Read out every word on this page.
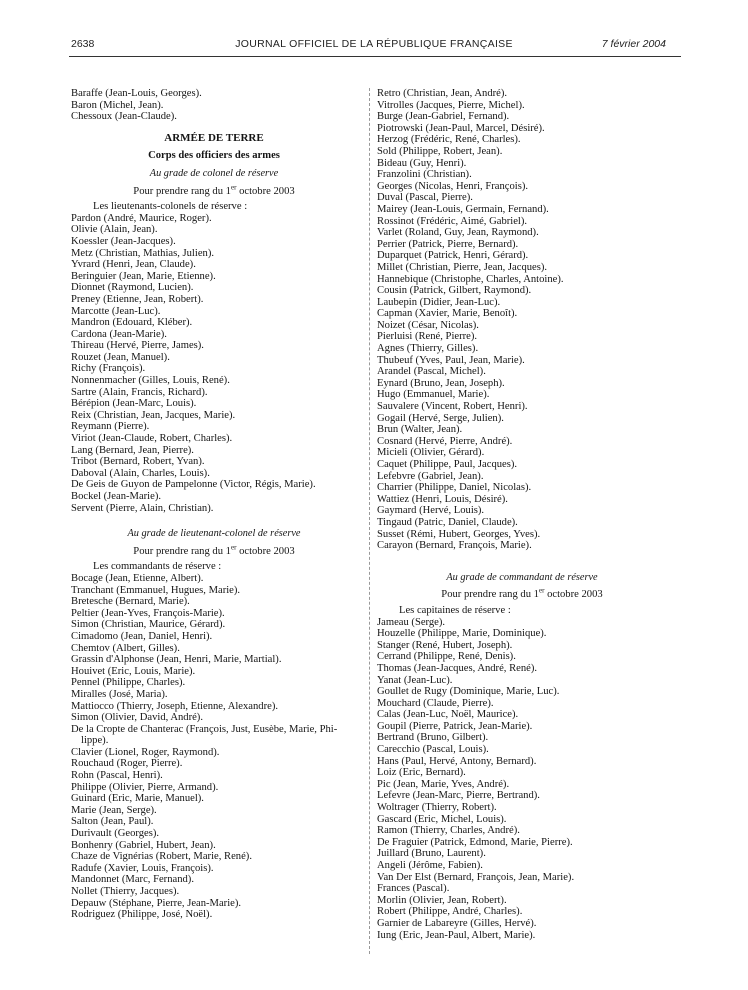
2638	JOURNAL OFFICIEL DE LA RÉPUBLIQUE FRANÇAISE	7 février 2004
Baraffe (Jean-Louis, Georges).
Baron (Michel, Jean).
Chessoux (Jean-Claude).
ARMÉE DE TERRE
Corps des officiers des armes
Au grade de colonel de réserve
Pour prendre rang du 1er octobre 2003
Les lieutenants-colonels de réserve :
Pardon (André, Maurice, Roger).
Olivie (Alain, Jean).
Koessler (Jean-Jacques).
Metz (Christian, Mathias, Julien).
Yvrard (Henri, Jean, Claude).
Beringuier (Jean, Marie, Etienne).
Dionnet (Raymond, Lucien).
Preney (Etienne, Jean, Robert).
Marcotte (Jean-Luc).
Mandron (Edouard, Kléber).
Cardona (Jean-Marie).
Thireau (Hervé, Pierre, James).
Rouzet (Jean, Manuel).
Richy (François).
Nonnenmacher (Gilles, Louis, René).
Sartre (Alain, Francis, Richard).
Bérépion (Jean-Marc, Louis).
Reix (Christian, Jean, Jacques, Marie).
Reymann (Pierre).
Viriot (Jean-Claude, Robert, Charles).
Lang (Bernard, Jean, Pierre).
Tribot (Bernard, Robert, Yvan).
Daboval (Alain, Charles, Louis).
De Geis de Guyon de Pampelonne (Victor, Régis, Marie).
Bockel (Jean-Marie).
Servent (Pierre, Alain, Christian).
Au grade de lieutenant-colonel de réserve
Pour prendre rang du 1er octobre 2003
Les commandants de réserve :
Bocage (Jean, Etienne, Albert).
Tranchant (Emmanuel, Hugues, Marie).
Bretesche (Bernard, Marie).
Peltier (Jean-Yves, François-Marie).
Simon (Christian, Maurice, Gérard).
Cimadomo (Jean, Daniel, Henri).
Chemtov (Albert, Gilles).
Grassin d'Alphonse (Jean, Henri, Marie, Martial).
Houivet (Eric, Louis, Marie).
Pennel (Philippe, Charles).
Miralles (José, Maria).
Mattiocco (Thierry, Joseph, Etienne, Alexandre).
Simon (Olivier, David, André).
De la Cropte de Chanterac (François, Just, Eusèbe, Marie, Phi-
lippe).
Clavier (Lionel, Roger, Raymond).
Rouchaud (Roger, Pierre).
Rohn (Pascal, Henri).
Philippe (Olivier, Pierre, Armand).
Guinard (Eric, Marie, Manuel).
Marie (Jean, Serge).
Salton (Jean, Paul).
Durivault (Georges).
Bonhenry (Gabriel, Hubert, Jean).
Chaze de Vignérias (Robert, Marie, René).
Radufe (Xavier, Louis, François).
Mandonnet (Marc, Fernand).
Nollet (Thierry, Jacques).
Depauw (Stéphane, Pierre, Jean-Marie).
Rodriguez (Philippe, José, Noël).
Retro (Christian, Jean, André).
Vitrolles (Jacques, Pierre, Michel).
Burge (Jean-Gabriel, Fernand).
Piotrowski (Jean-Paul, Marcel, Désiré).
Herzog (Frédéric, René, Charles).
Sold (Philippe, Robert, Jean).
Bideau (Guy, Henri).
Franzolini (Christian).
Georges (Nicolas, Henri, François).
Duval (Pascal, Pierre).
Mairey (Jean-Louis, Germain, Fernand).
Rossinot (Frédéric, Aimé, Gabriel).
Varlet (Roland, Guy, Jean, Raymond).
Perrier (Patrick, Pierre, Bernard).
Duparquet (Patrick, Henri, Gérard).
Millet (Christian, Pierre, Jean, Jacques).
Hannebique (Christophe, Charles, Antoine).
Cousin (Patrick, Gilbert, Raymond).
Laubepin (Didier, Jean-Luc).
Capman (Xavier, Marie, Benoît).
Noizet (César, Nicolas).
Pierluisi (René, Pierre).
Agnes (Thierry, Gilles).
Thubeuf (Yves, Paul, Jean, Marie).
Arandel (Pascal, Michel).
Eynard (Bruno, Jean, Joseph).
Hugo (Emmanuel, Marie).
Sauvalere (Vincent, Robert, Henri).
Gogail (Hervé, Serge, Julien).
Brun (Walter, Jean).
Cosnard (Hervé, Pierre, André).
Micieli (Olivier, Gérard).
Caquet (Philippe, Paul, Jacques).
Lefebvre (Gabriel, Jean).
Charrier (Philippe, Daniel, Nicolas).
Wattiez (Henri, Louis, Désiré).
Gaymard (Hervé, Louis).
Tingaud (Patric, Daniel, Claude).
Susset (Rémi, Hubert, Georges, Yves).
Carayon (Bernard, François, Marie).
Au grade de commandant de réserve
Pour prendre rang du 1er octobre 2003
Les capitaines de réserve :
Jameau (Serge).
Houzelle (Philippe, Marie, Dominique).
Stanger (René, Hubert, Joseph).
Cerrand (Philippe, René, Denis).
Thomas (Jean-Jacques, André, René).
Yanat (Jean-Luc).
Goullet de Rugy (Dominique, Marie, Luc).
Mouchard (Claude, Pierre).
Calas (Jean-Luc, Noël, Maurice).
Goupil (Pierre, Patrick, Jean-Marie).
Bertrand (Bruno, Gilbert).
Carecchio (Pascal, Louis).
Hans (Paul, Hervé, Antony, Bernard).
Loiz (Eric, Bernard).
Pic (Jean, Marie, Yves, André).
Lefevre (Jean-Marc, Pierre, Bertrand).
Woltrager (Thierry, Robert).
Gascard (Eric, Michel, Louis).
Ramon (Thierry, Charles, André).
De Fraguier (Patrick, Edmond, Marie, Pierre).
Juillard (Bruno, Laurent).
Angeli (Jérôme, Fabien).
Van Der Elst (Bernard, François, Jean, Marie).
Frances (Pascal).
Morlin (Olivier, Jean, Robert).
Robert (Philippe, André, Charles).
Garnier de Labareyre (Gilles, Hervé).
Iung (Eric, Jean-Paul, Albert, Marie).
